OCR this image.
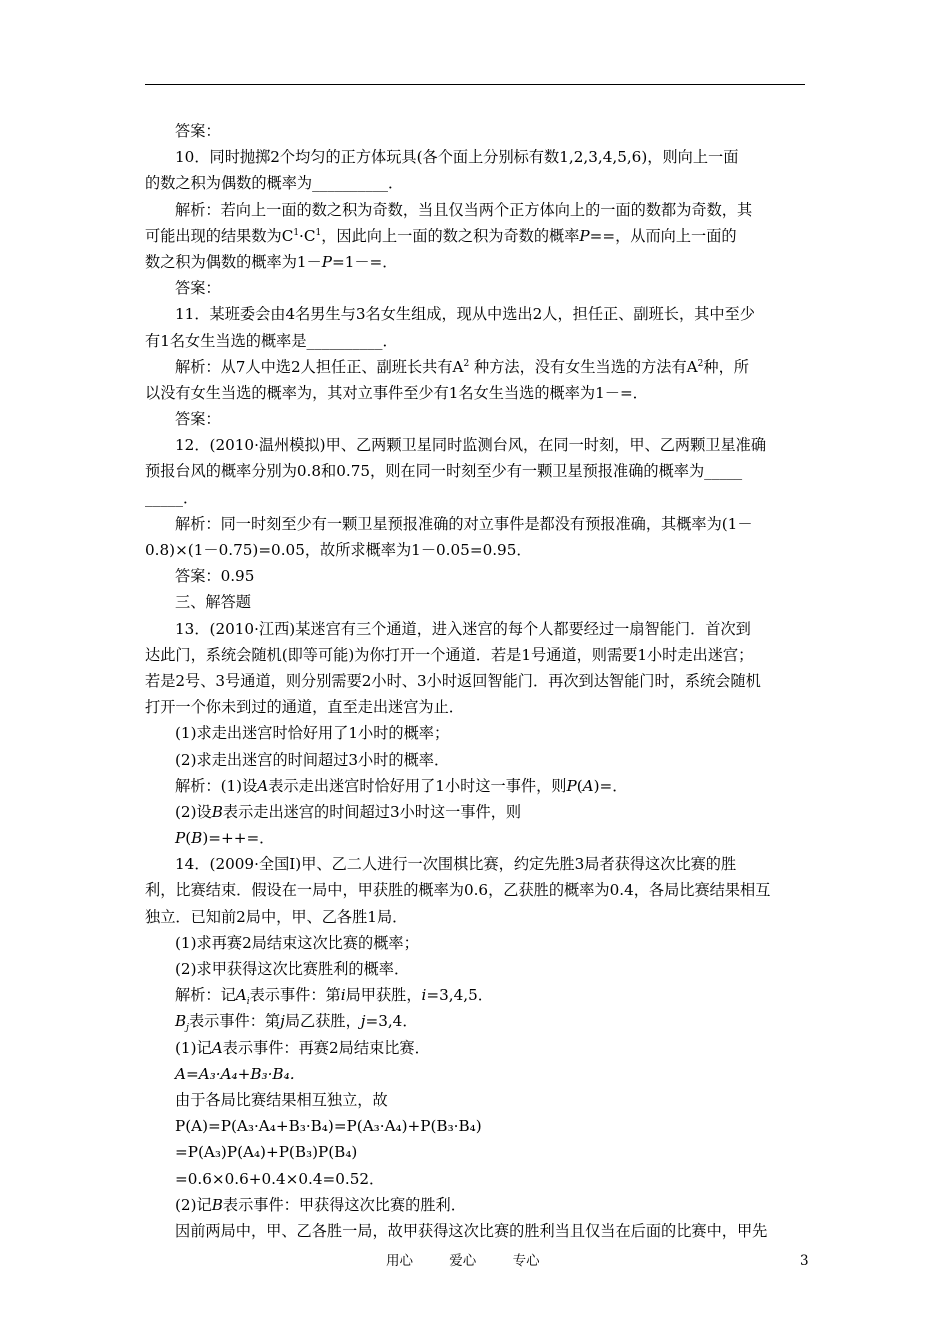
答案：
10．同时抛掷2个均匀的正方体玩具(各个面上分别标有数1,2,3,4,5,6)，则向上一面
的数之积为偶数的概率为__________．
解析：若向上一面的数之积为奇数，当且仅当两个正方体向上的一面的数都为奇数，其
可能出现的结果数为$C^1\cdot C^1$，因此向上一面的数之积为奇数的概率P==，从而向上一面的
数之积为偶数的概率为1－P=1－=．
答案：
11．某班委会由4名男生与3名女生组成，现从中选出2人，担任正、副班长，其中至少
有1名女生当选的概率是__________．
解析：从7人中选2人担任正、副班长共有$A^2$ 种方法，没有女生当选的方法有$A^2$种，所
以没有女生当选的概率为，其对立事件至少有1名女生当选的概率为1－=．
答案：
12．(2010·温州模拟)甲、乙两颗卫星同时监测台风，在同一时刻，甲、乙两颗卫星准确
预报台风的概率分别为0.8和0.75，则在同一时刻至少有一颗卫星预报准确的概率为_____
_____．
解析：同一时刻至少有一颗卫星预报准确的对立事件是都没有预报准确，其概率为(1－
0.8)×(1－0.75)=0.05，故所求概率为1－0.05=0.95．
答案：0.95
三、解答题
13．(2010·江西)某迷宫有三个通道，进入迷宫的每个人都要经过一扇智能门．首次到
达此门，系统会随机(即等可能)为你打开一个通道．若是1号通道，则需要1小时走出迷宫；
若是2号、3号通道，则分别需要2小时、3小时返回智能门．再次到达智能门时，系统会随机
打开一个你未到过的通道，直至走出迷宫为止．
(1)求走出迷宫时恰好用了1小时的概率；
(2)求走出迷宫的时间超过3小时的概率．
解析：(1)设A表示走出迷宫时恰好用了1小时这一事件，则P(A)=．
(2)设B表示走出迷宫的时间超过3小时这一事件，则
P(B)=++=．
14．(2009·全国Ⅰ)甲、乙二人进行一次围棋比赛，约定先胜3局者获得这次比赛的胜
利，比赛结束．假设在一局中，甲获胜的概率为0.6，乙获胜的概率为0.4，各局比赛结果相互
独立．已知前2局中，甲、乙各胜1局．
(1)求再赛2局结束这次比赛的概率；
(2)求甲获得这次比赛胜利的概率．
解析：记$A_i$表示事件：第i局甲获胜，i=3,4,5．
$B_j$表示事件：第j局乙获胜，j=3,4．
(1)记A表示事件：再赛2局结束比赛．
A=A₃·A₄+B₃·B₄．
由于各局比赛结果相互独立，故
P(A)=P(A₃·A₄+B₃·B₄)=P(A₃·A₄)+P(B₃·B₄)
=P(A₃)P(A₄)+P(B₃)P(B₄)
=0.6×0.6+0.4×0.4=0.52．
(2)记B表示事件：甲获得这次比赛的胜利．
因前两局中，甲、乙各胜一局，故甲获得这次比赛的胜利当且仅当在后面的比赛中，甲先
用心	爱心	专心	3
